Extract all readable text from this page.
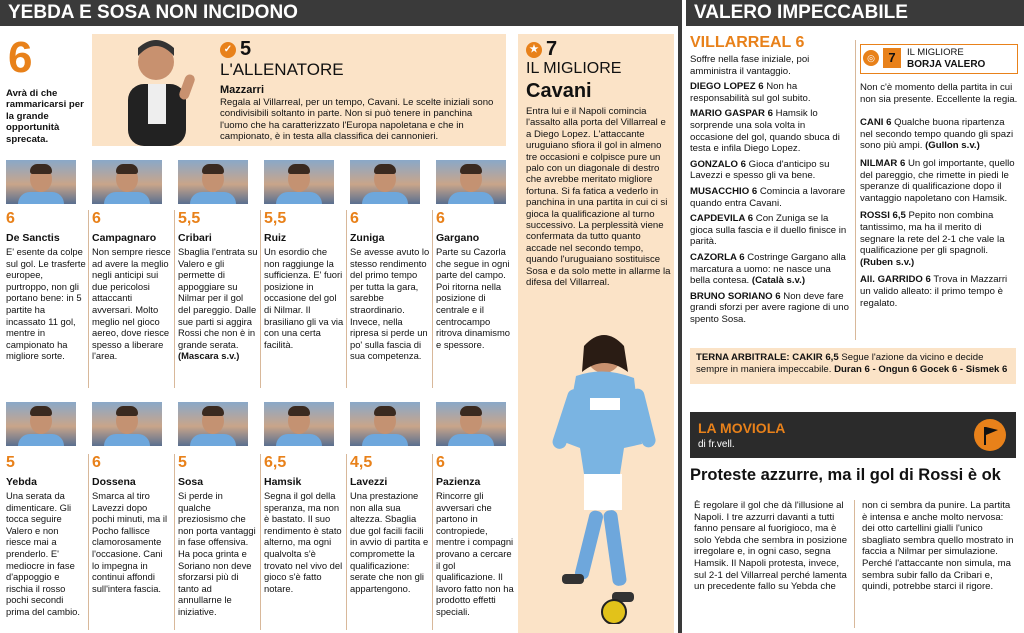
YEBDA E SOSA NON INCIDONO	VALERO IMPECCABILE
6
Avrà di che rammaricarsi per la grande opportunità sprecata.
✓ 5
L'ALLENATORE
Mazzarri
Regala al Villarreal, per un tempo, Cavani. Le scelte iniziali sono condivisibili soltanto in parte. Non si può tenere in panchina l'uomo che ha caratterizzato l'Europa napoletana e che in campionato, è in testa alla classifica dei cannonieri.
6
De Sanctis
E' esente da colpe sul gol. Le trasferte europee, purtroppo, non gli portano bene: in 5 partite ha incassato 11 gol, mentre in campionato ha migliore sorte.
6
Campagnaro
Non sempre riesce ad avere la meglio negli anticipi sui due pericolosi attaccanti avversari. Molto meglio nel gioco aereo, dove riesce spesso a liberare l'area.
5,5
Cribari
Sbaglia l'entrata su Valero e gli permette di appoggiare su Nilmar per il gol del pareggio. Dalle sue parti si aggira Rossi che non è in grande serata. (Mascara s.v.)
5,5
Ruiz
Un esordio che non raggiunge la sufficienza. E' fuori posizione in occasione del gol di Nilmar. Il brasiliano gli va via con una certa facilità.
6
Zuniga
Se avesse avuto lo stesso rendimento del primo tempo per tutta la gara, sarebbe straordinario. Invece, nella ripresa si perde un po' sulla fascia di sua competenza.
6
Gargano
Parte su Cazorla che segue in ogni parte del campo. Poi ritorna nella posizione di centrale e il centrocampo ritrova dinamismo e spessore.
5
Yebda
Una serata da dimenticare. Gli tocca seguire Valero e non riesce mai a prenderlo. E' mediocre in fase d'appoggio e rischia il rosso pochi secondi prima del cambio.
6
Dossena
Smarca al tiro Lavezzi dopo pochi minuti, ma il Pocho fallisce clamorosamente l'occasione. Cani lo impegna in continui affondi sull'intera fascia.
5
Sosa
Si perde in qualche preziosismo che non porta vantaggi in fase offensiva. Ha poca grinta e Soriano non deve sforzarsi più di tanto ad annullarne le iniziative.
6,5
Hamsik
Segna il gol della speranza, ma non è bastato. Il suo rendimento è stato alterno, ma ogni qualvolta s'è trovato nel vivo del gioco s'è fatto notare.
4,5
Lavezzi
Una prestazione non alla sua altezza. Sbaglia due gol facili facili in avvio di partita e compromette la qualificazione: serate che non gli appartengono.
6
Pazienza
Rincorre gli avversari che partono in contropiede, mentre i compagni provano a cercare il gol qualificazione. Il lavoro fatto non ha prodotto effetti speciali.
★ 7
IL MIGLIORE
Cavani
Entra lui e il Napoli comincia l'assalto alla porta del Villarreal e a Diego Lopez. L'attaccante uruguiano sfiora il gol in almeno tre occasioni e colpisce pure un palo con un diagonale di destro che avrebbe meritato migliore fortuna. Si fa fatica a vederlo in panchina in una partita in cui ci si gioca la qualificazione al turno successivo. La perplessità viene confermata da tutto quanto accade nel secondo tempo, quando l'uruguaiano sostituisce Sosa e da solo mette in allarme la difesa del Villarreal.
VILLARREAL 6
Soffre nella fase iniziale, poi amministra il vantaggio.
DIEGO LOPEZ 6 Non ha responsabilità sul gol subito.
MARIO GASPAR 6 Hamsik lo sorprende una sola volta in occasione del gol, quando sbuca di testa e infila Diego Lopez.
GONZALO 6 Gioca d'anticipo su Lavezzi e spesso gli va bene.
MUSACCHIO 6 Comincia a lavorare quando entra Cavani.
CAPDEVILA 6 Con Zuniga se la gioca sulla fascia e il duello finisce in parità.
CAZORLA 6 Costringe Gargano alla marcatura a uomo: ne nasce una bella contesa. (Català s.v.)
BRUNO SORIANO 6 Non deve fare grandi sforzi per avere ragione di uno spento Sosa.
◎	7	IL MIGLIORE
BORJA VALERO
Non c'è momento della partita in cui non sia presente. Eccellente la regia.
CANI 6 Qualche buona ripartenza nel secondo tempo quando gli spazi sono più ampi. (Gullon s.v.)
NILMAR 6 Un gol importante, quello del pareggio, che rimette in piedi le speranze di qualificazione dopo il vantaggio napoletano con Hamsik.
ROSSI 6,5 Pepito non combina tantissimo, ma ha il merito di segnare la rete del 2-1 che vale la qualificazione per gli spagnoli. (Ruben s.v.)
All. GARRIDO 6 Trova in Mazzarri un valido alleato: il primo tempo è regalato.
TERNA ARBITRALE: CAKIR 6,5 Segue l'azione da vicino e decide sempre in maniera impeccabile. Duran 6 - Ongun 6 Gocek 6 - Sismek 6
LA MOVIOLA
di fr.vell.
Proteste azzurre, ma il gol di Rossi è ok
È regolare il gol che dà l'illusione al Napoli. I tre azzurri davanti a tutti fanno pensare al fuorigioco, ma è solo Yebda che sembra in posizione irregolare e, in ogni caso, segna Hamsik. Il Napoli protesta, invece, sul 2-1 del Villarreal perché lamenta un precedente fallo su Yebda che
non ci sembra da punire. La partita è intensa e anche molto nervosa: dei otto cartellini gialli l'unico sbagliato sembra quello mostrato in faccia a Nilmar per simulazione. Perché l'attaccante non simula, ma sembra subir fallo da Cribari e, quindi, potrebbe starci il rigore.
